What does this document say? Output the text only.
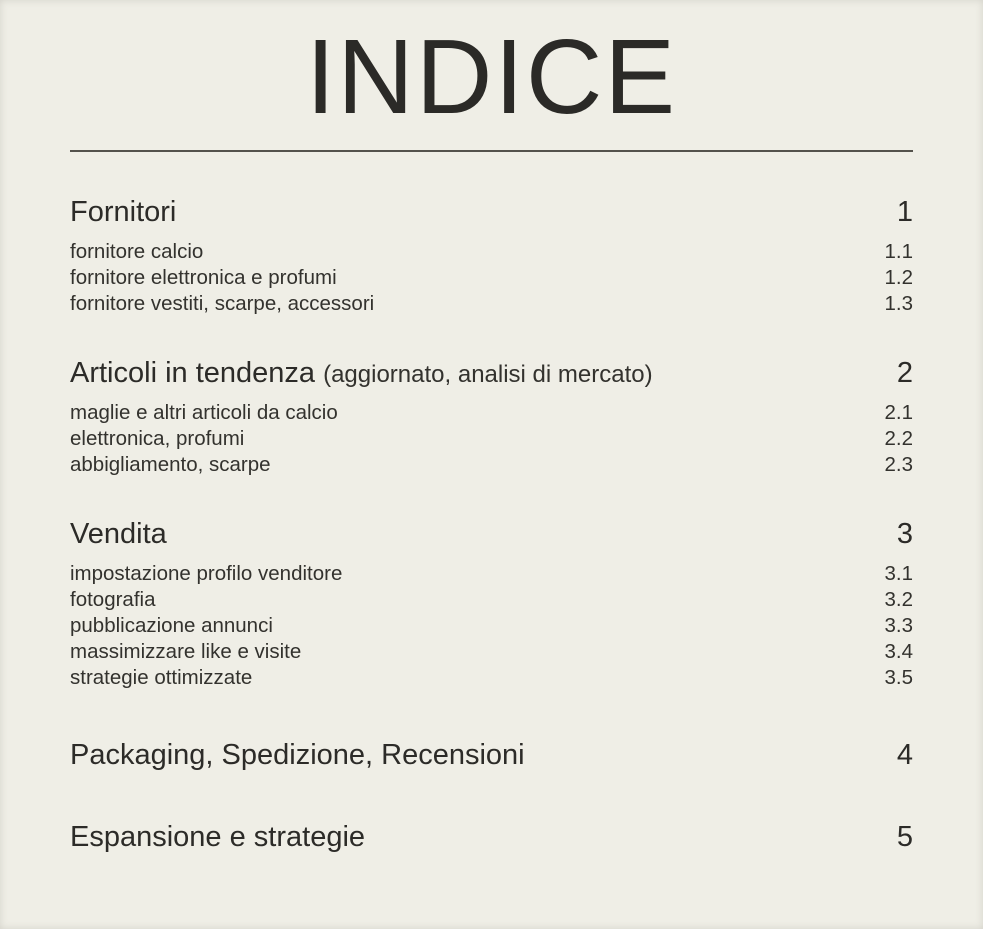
INDICE
Fornitori	1
fornitore calcio	1.1
fornitore elettronica e profumi	1.2
fornitore vestiti, scarpe, accessori	1.3
Articoli in tendenza (aggiornato, analisi di mercato)	2
maglie e altri articoli da calcio	2.1
elettronica, profumi	2.2
abbigliamento, scarpe	2.3
Vendita	3
impostazione profilo venditore	3.1
fotografia	3.2
pubblicazione annunci	3.3
massimizzare like e visite	3.4
strategie ottimizzate	3.5
Packaging, Spedizione, Recensioni	4
Espansione e strategie	5
